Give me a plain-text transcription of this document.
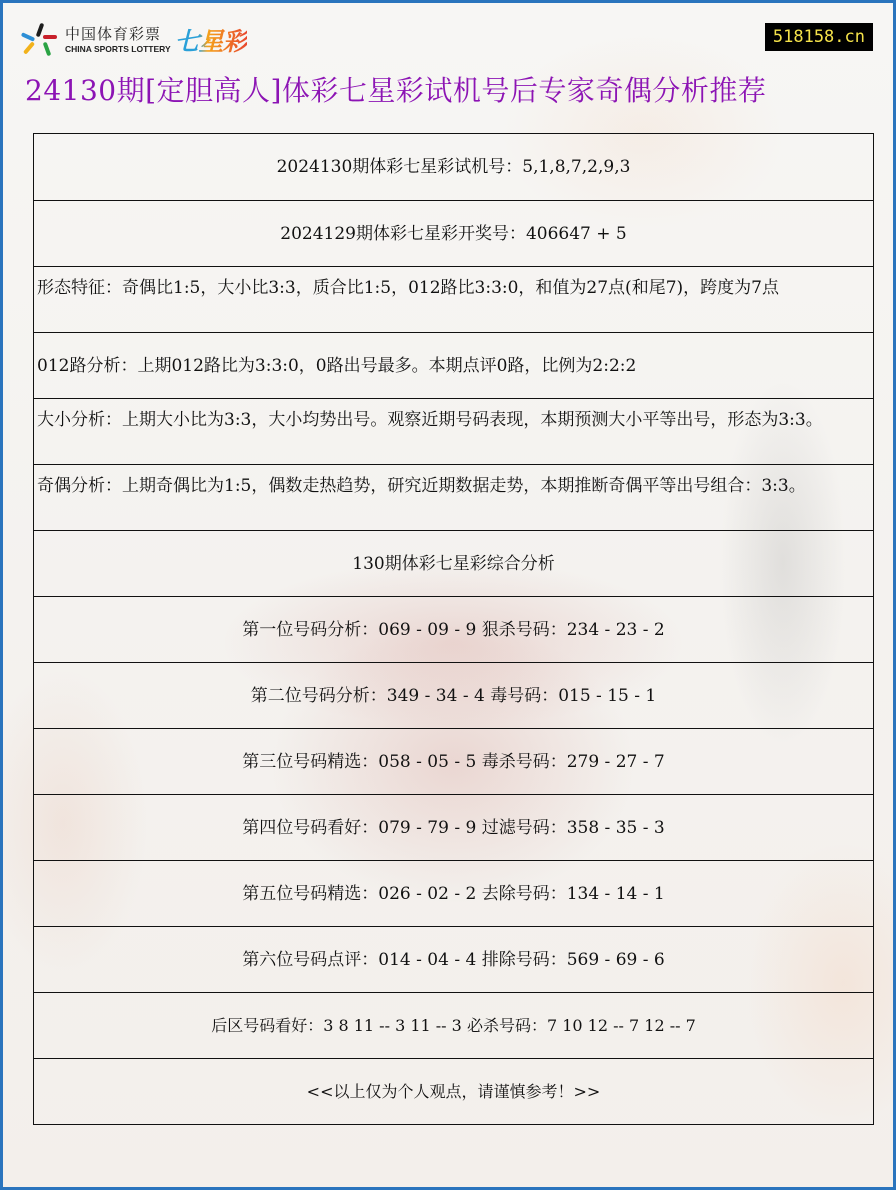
中国体育彩票
CHINA SPORTS LOTTERY 七星彩	518158.cn
24130期[定胆高人]体彩七星彩试机号后专家奇偶分析推荐
2024130期体彩七星彩试机号：5,1,8,7,2,9,3
2024129期体彩七星彩开奖号：406647 + 5
形态特征：奇偶比1:5，大小比3:3，质合比1:5，012路比3:3:0，和值为27点(和尾7)，跨度为7点
012路分析：上期012路比为3:3:0，0路出号最多。本期点评0路，比例为2:2:2
大小分析：上期大小比为3:3，大小均势出号。观察近期号码表现，本期预测大小平等出号，形态为3:3。
奇偶分析：上期奇偶比为1:5，偶数走热趋势，研究近期数据走势，本期推断奇偶平等出号组合：3:3。
130期体彩七星彩综合分析
第一位号码分析：069 - 09 - 9 狠杀号码：234 - 23 - 2
第二位号码分析：349 - 34 - 4 毒号码：015 - 15 - 1
第三位号码精选：058 - 05 - 5 毒杀号码：279 - 27 - 7
第四位号码看好：079 - 79 - 9 过滤号码：358 - 35 - 3
第五位号码精选：026 - 02 - 2 去除号码：134 - 14 - 1
第六位号码点评：014 - 04 - 4 排除号码：569 - 69 - 6
后区号码看好：3 8 11 -- 3 11 -- 3 必杀号码：7 10 12 -- 7 12 -- 7
<<以上仅为个人观点，请谨慎参考！>>
